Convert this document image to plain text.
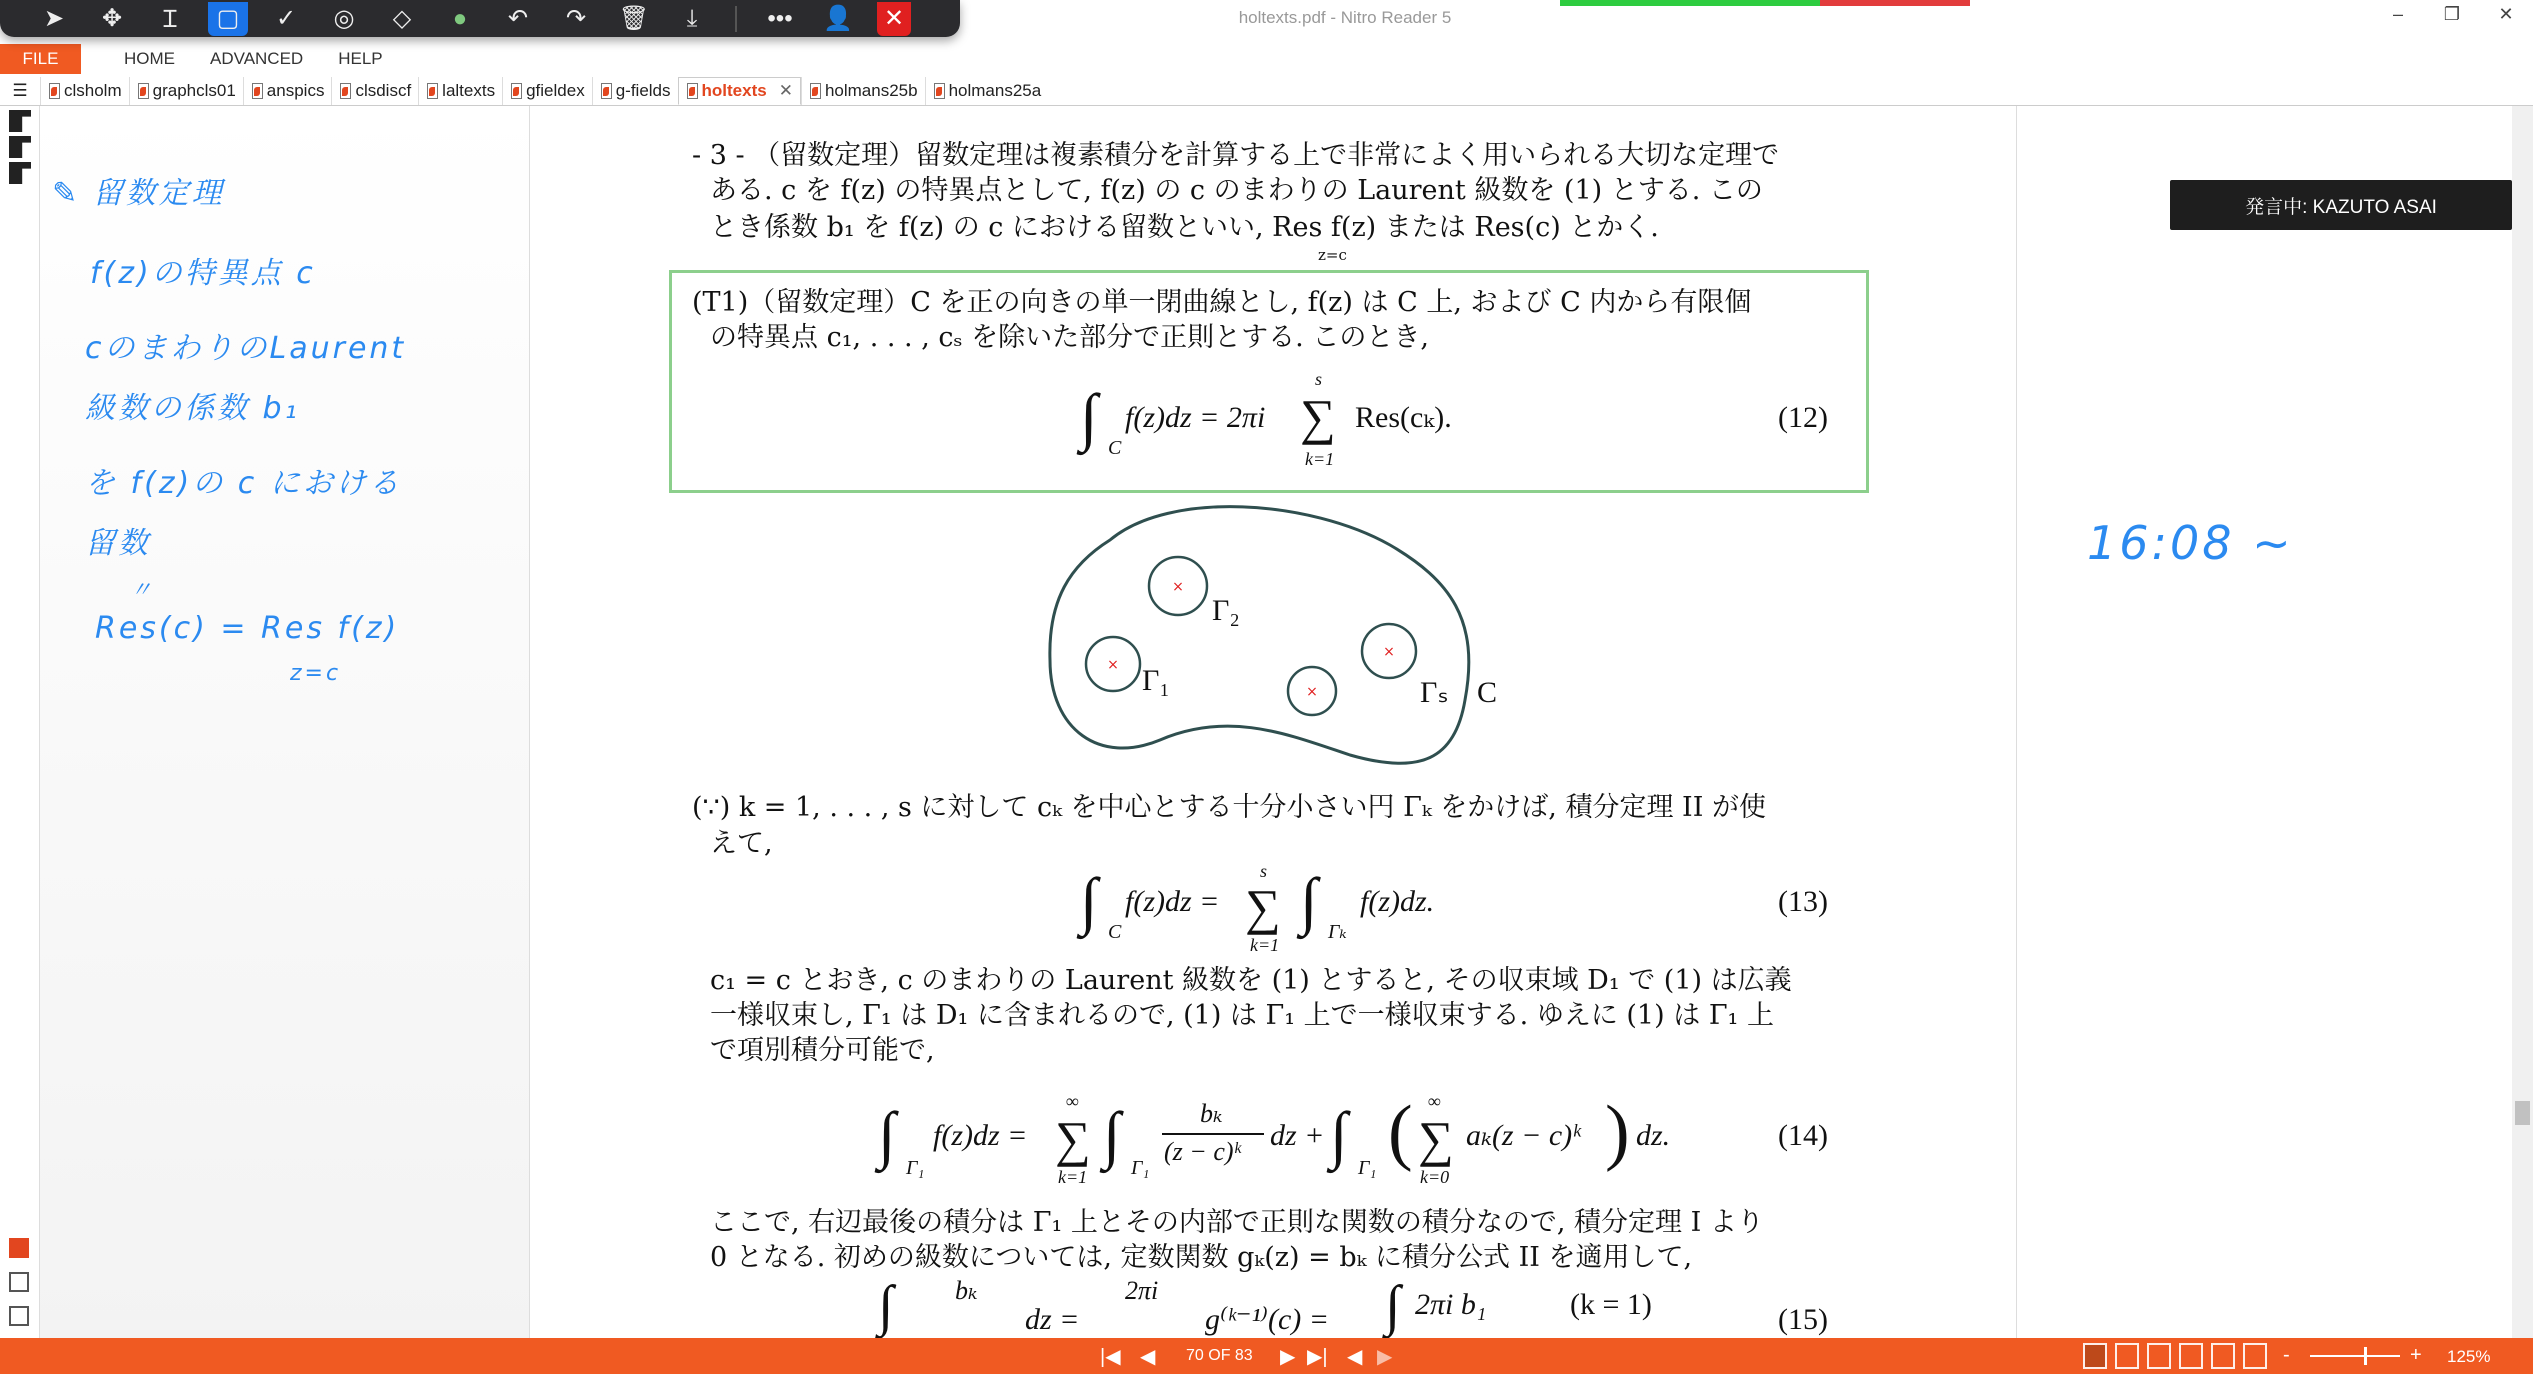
➤	✥	Ɪ	▢	✓	◎	◇	●	↶	↷	🗑	⤓	•••	👤	✕	holtexts.pdf - Nitro Reader 5	–	❐	✕
FILE	HOME ADVANCED HELP
☰	clsholm graphcls01 anspics clsdiscf laltexts gfieldex g-fields holtexts ✕ holmans25b holmans25a
✎ 留数定理
f(z)の特異点 c
cのまわりのLaurent
級数の係数 b₁
を f(z)の c における
留数
〃
Res(c) = Res f(z)
z=c
16:08 ~
発言中: KAZUTO ASAI
×
×
×
×
Γ₂
Γ₁	Γₛ C
- 3 - （留数定理）留数定理は複素積分を計算する上で非常によく用いられる大切な定理で
ある. c を f(z) の特異点として, f(z) の c のまわりの Laurent 級数を (1) とする. この
とき係数 b₁ を f(z) の c における留数といい, Res f(z) または Res(c) とかく.
z=c
(T1)（留数定理）C を正の向きの単一閉曲線とし, f(z) は C 上, および C 内から有限個
の特異点 c₁, . . . , cₛ を除いた部分で正則とする. このとき,
∫ C
f(z)dz = 2πi
s
∑
k=1
Res(cₖ).	(12)
(∵) k = 1, . . . , s に対して cₖ を中心とする十分小さい円 Γₖ をかけば, 積分定理 II が使
えて,
∫ C
f(z)dz =
s
∑
k=1
∫ Γₖ
f(z)dz.	(13)
c₁ = c とおき, c のまわりの Laurent 級数を (1) とすると, その収束域 D₁ で (1) は広義
一様収束し, Γ₁ は D₁ に含まれるので, (1) は Γ₁ 上で一様収束する. ゆえに (1) は Γ₁ 上
で項別積分可能で,
∫ Γ₁
f(z)dz =
∞
∑
k=1
∫ Γ₁
bₖ
(z − c)ᵏ dz + ∫ Γ₁ ( ∞
∑
k=0
aₖ(z − c)ᵏ ) dz.	(14)
ここで, 右辺最後の積分は Γ₁ 上とその内部で正則な関数の積分なので, 積分定理 I より
0 となる. 初めの級数については, 定数関数 gₖ(z) = bₖ に積分公式 II を適用して,
∫ bₖ
dz =
2πi
g⁽ᵏ⁻¹⁾(c) = ∫ 2πi b₁	(k = 1)	(15)
|◀ ◀ 70 OF 83 ▶ ▶| ◀ ▶	-	+ 125%
